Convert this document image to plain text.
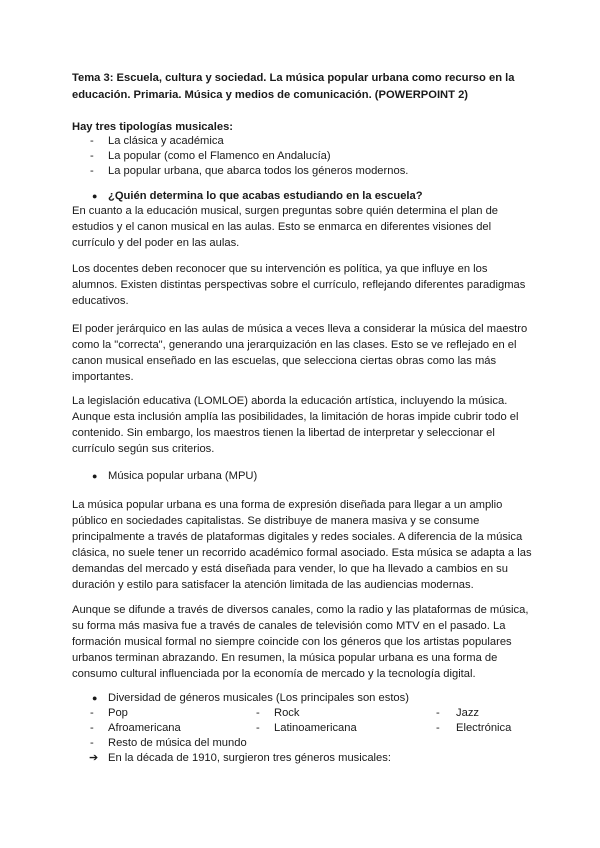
Tema 3: Escuela, cultura y sociedad. La música popular urbana como recurso en la educación. Primaria. Música y medios de comunicación. (POWERPOINT 2)

Hay tres tipologías musicales:

- La clásica y académica
- La popular (como el Flamenco en Andalucía)
- La popular urbana, que abarca todos los géneros modernos.
● ¿Quién determina lo que acabas estudiando en la escuela?

En cuanto a la educación musical, surgen preguntas sobre quién determina el plan de estudios y el canon musical en las aulas. Esto se enmarca en diferentes visiones del currículo y del poder en las aulas.

Los docentes deben reconocer que su intervención es política, ya que influye en los alumnos. Existen distintas perspectivas sobre el currículo, reflejando diferentes paradigmas educativos.

El poder jerárquico en las aulas de música a veces lleva a considerar la música del maestro como la "correcta", generando una jerarquización en las clases. Esto se ve reflejado en el canon musical enseñado en las escuelas, que selecciona ciertas obras como las más importantes.

La legislación educativa (LOMLOE) aborda la educación artística, incluyendo la música. Aunque esta inclusión amplía las posibilidades, la limitación de horas impide cubrir todo el contenido. Sin embargo, los maestros tienen la libertad de interpretar y seleccionar el currículo según sus criterios.

● Música popular urbana (MPU)

La música popular urbana es una forma de expresión diseñada para llegar a un amplio público en sociedades capitalistas. Se distribuye de manera masiva y se consume principalmente a través de plataformas digitales y redes sociales. A diferencia de la música clásica, no suele tener un recorrido académico formal asociado. Esta música se adapta a las demandas del mercado y está diseñada para vender, lo que ha llevado a cambios en su duración y estilo para satisfacer la atención limitada de las audiencias modernas.

Aunque se difunde a través de diversos canales, como la radio y las plataformas de música, su forma más masiva fue a través de canales de televisión como MTV en el pasado. La formación musical formal no siempre coincide con los géneros que los artistas populares urbanos terminan abrazando. En resumen, la música popular urbana es una forma de consumo cultural influenciada por la economía de mercado y la tecnología digital.

● Diversidad de géneros musicales (Los principales son estos)
- Pop	- Rock	- Jazz
- Afroamericana	- Latinoamericana	- Electrónica
- Resto de música del mundo
➔ En la década de 1910, surgieron tres géneros musicales:
